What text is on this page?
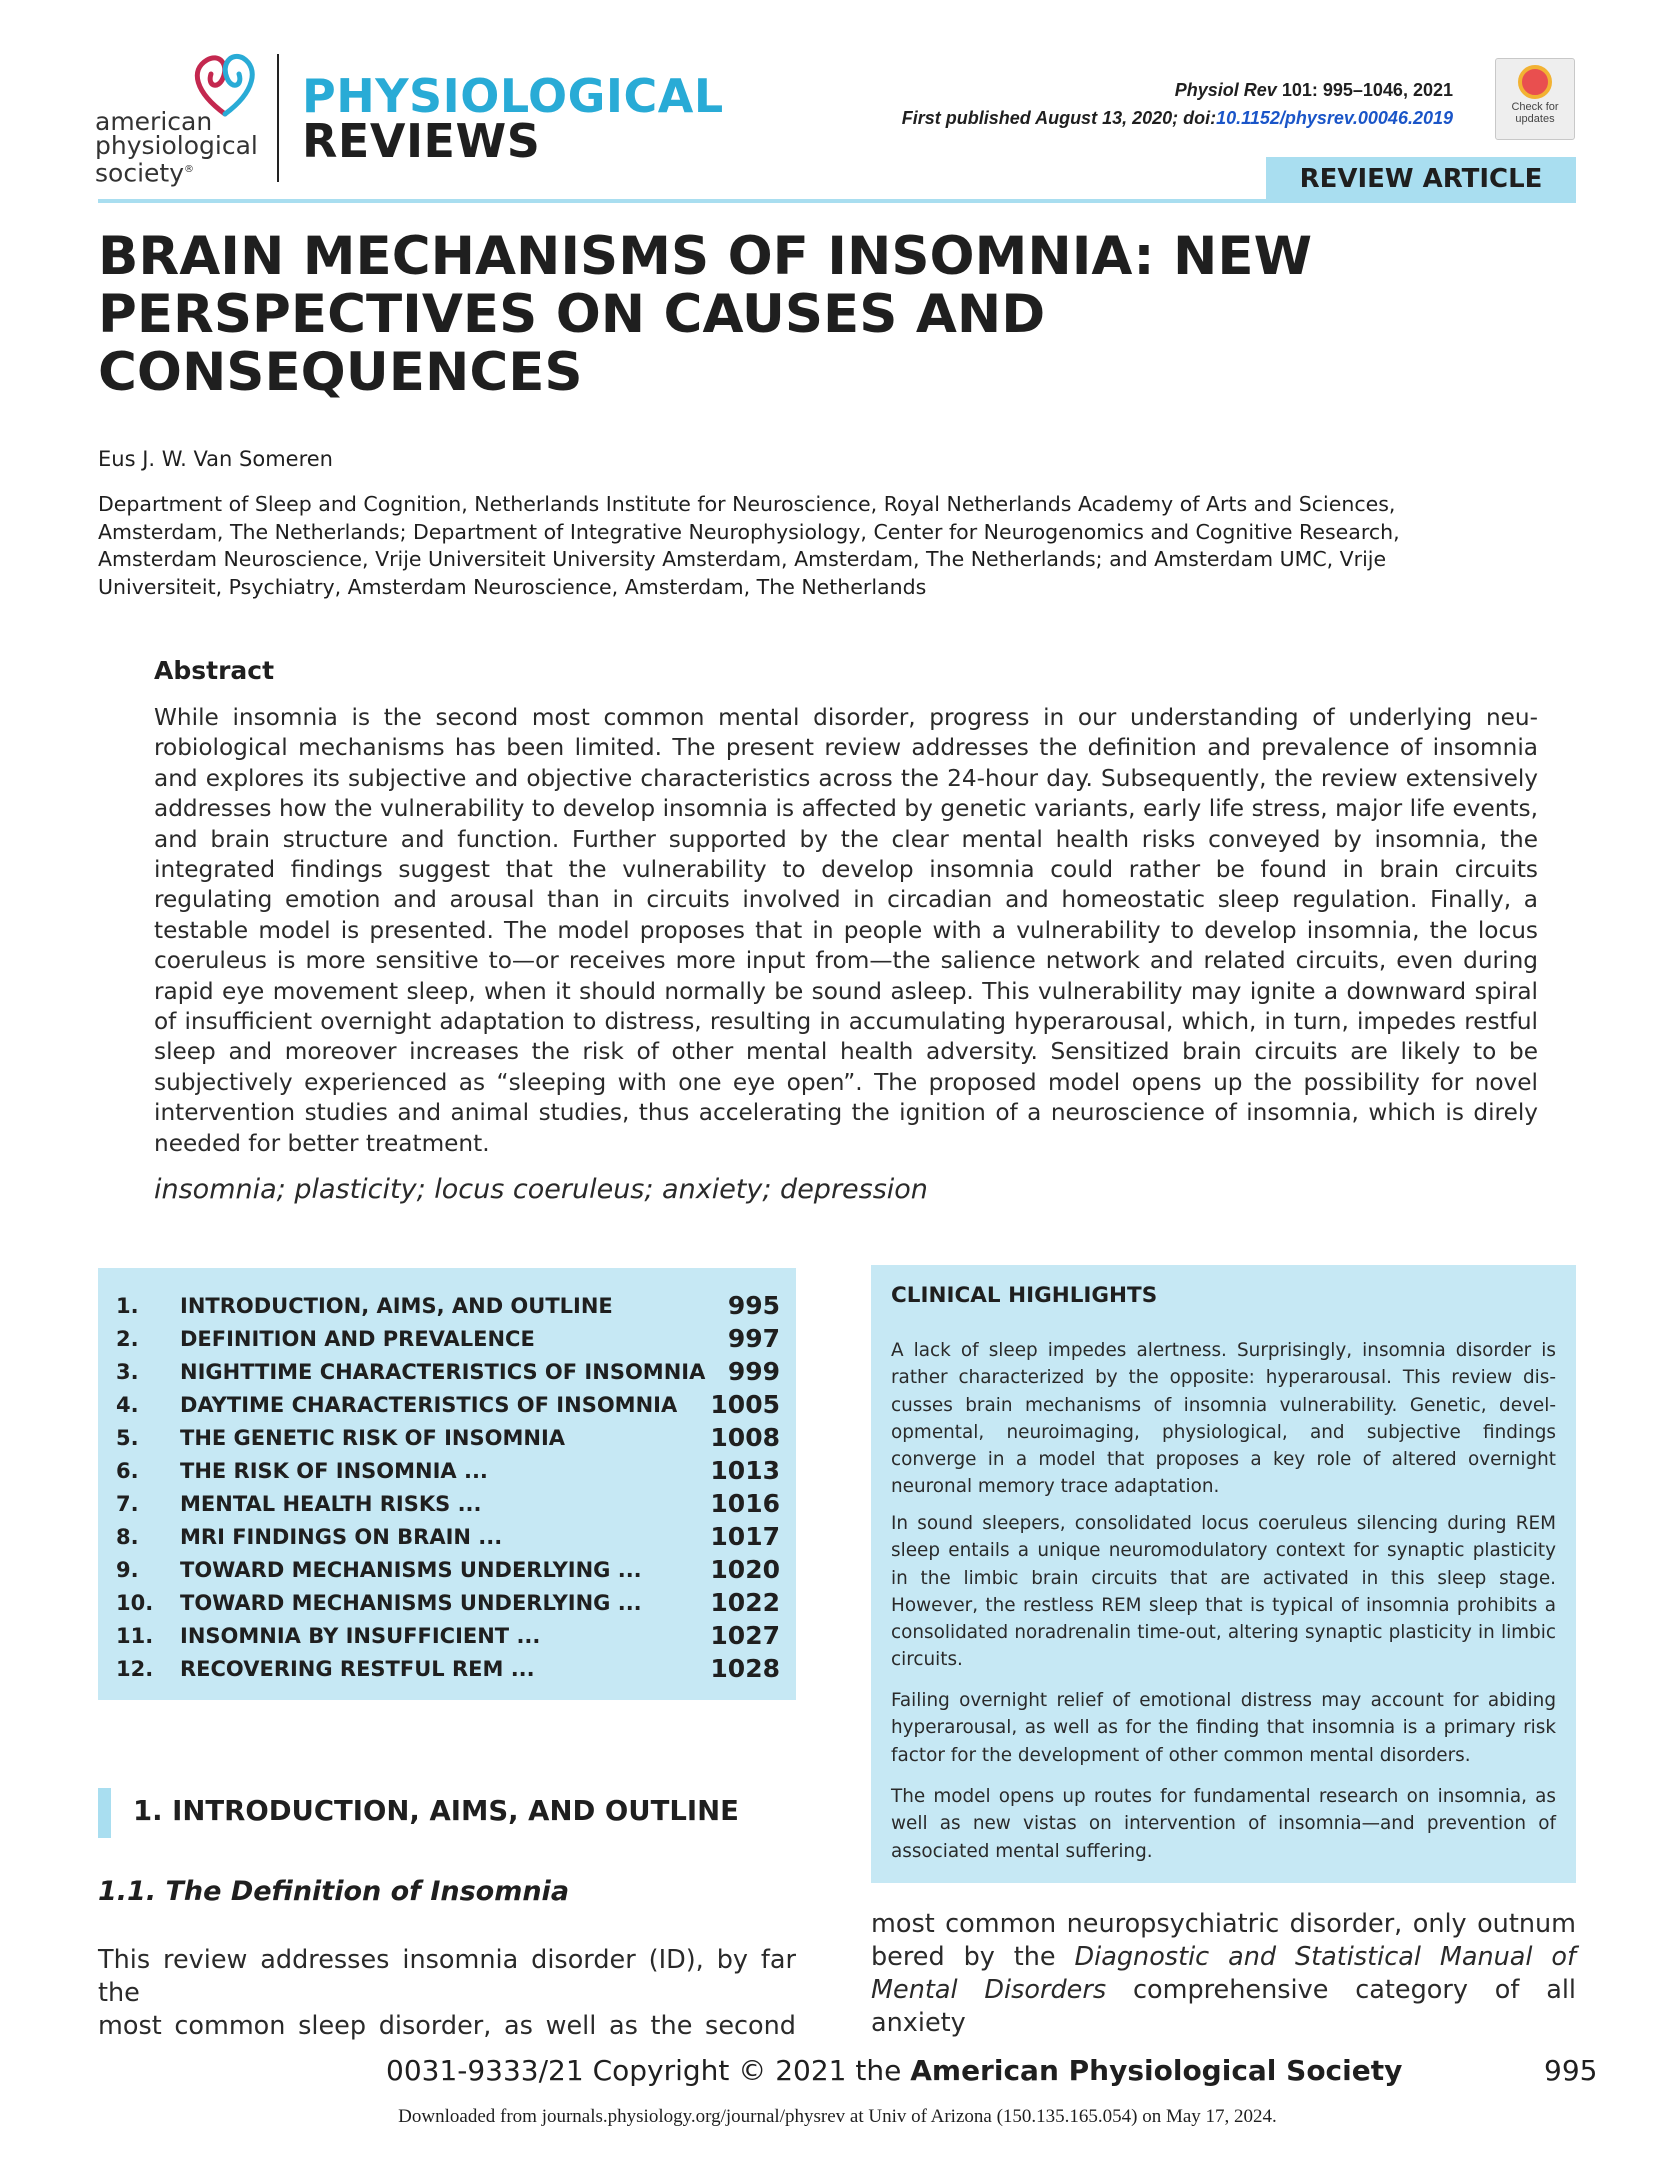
american
physiological
society®
PHYSIOLOGICAL
REVIEWS
Physiol Rev 101: 995–1046, 2021
First published August 13, 2020; doi:10.1152/physrev.00046.2019
Check for
updates
REVIEW ARTICLE
BRAIN MECHANISMS OF INSOMNIA: NEW
PERSPECTIVES ON CAUSES AND
CONSEQUENCES
Eus J. W. Van Someren
Department of Sleep and Cognition, Netherlands Institute for Neuroscience, Royal Netherlands Academy of Arts and Sciences,
Amsterdam, The Netherlands; Department of Integrative Neurophysiology, Center for Neurogenomics and Cognitive Research,
Amsterdam Neuroscience, Vrije Universiteit University Amsterdam, Amsterdam, The Netherlands; and Amsterdam UMC, Vrije
Universiteit, Psychiatry, Amsterdam Neuroscience, Amsterdam, The Netherlands
Abstract
While insomnia is the second most common mental disorder, progress in our understanding of underlying neurobiological mechanisms has been limited. The present review addresses the definition and prevalence of insomnia and explores its subjective and objective characteristics across the 24-hour day. Subsequently, the review extensively addresses how the vulnerability to develop insomnia is affected by genetic variants, early life stress, major life events, and brain structure and function. Further supported by the clear mental health risks conveyed by insomnia, the integrated findings suggest that the vulnerability to develop insomnia could rather be found in brain circuits regulating emotion and arousal than in circuits involved in circadian and homeostatic sleep regulation. Finally, a testable model is presented. The model proposes that in people with a vulnerability to develop insomnia, the locus coeruleus is more sensitive to—or receives more input from—the salience network and related circuits, even during rapid eye movement sleep, when it should normally be sound asleep. This vulnerability may ignite a downward spiral of insufficient overnight adaptation to distress, resulting in accumulating hyperarousal, which, in turn, impedes restful sleep and moreover increases the risk of other mental health adversity. Sensitized brain circuits are likely to be subjectively experienced as “sleeping with one eye open”. The proposed model opens up the possibility for novel intervention studies and animal studies, thus accelerating the ignition of a neuroscience of insomnia, which is direly needed for better treatment.
insomnia; plasticity; locus coeruleus; anxiety; depression
1. INTRODUCTION, AIMS, AND OUTLINE	995
2. DEFINITION AND PREVALENCE	997
3. NIGHTTIME CHARACTERISTICS OF INSOMNIA 999
4. DAYTIME CHARACTERISTICS OF INSOMNIA 1005
5. THE GENETIC RISK OF INSOMNIA	1008
6. THE RISK OF INSOMNIA ...	1013
7. MENTAL HEALTH RISKS ...	1016
8. MRI FINDINGS ON BRAIN ...	1017
9. TOWARD MECHANISMS UNDERLYING ...	1020
10. TOWARD MECHANISMS UNDERLYING ...	1022
11. INSOMNIA BY INSUFFICIENT ...	1027
12. RECOVERING RESTFUL REM ...	1028
CLINICAL HIGHLIGHTS
A lack of sleep impedes alertness. Surprisingly, insomnia disorder is rather characterized by the opposite: hyperarousal. This review discusses brain mechanisms of insomnia vulnerability. Genetic, developmental, neuroimaging, physiological, and subjective findings converge in a model that proposes a key role of altered overnight neuronal memory trace adaptation.
In sound sleepers, consolidated locus coeruleus silencing during REM sleep entails a unique neuromodulatory context for synaptic plasticity in the limbic brain circuits that are activated in this sleep stage. However, the restless REM sleep that is typical of insomnia prohibits a consolidated noradrenalin time-out, altering synaptic plasticity in limbic circuits.
Failing overnight relief of emotional distress may account for abiding hyperarousal, as well as for the finding that insomnia is a primary risk factor for the development of other common mental disorders.
The model opens up routes for fundamental research on insomnia, as well as new vistas on intervention of insomnia—and prevention of associated mental suffering.
1. INTRODUCTION, AIMS, AND OUTLINE
1.1. The Definition of Insomnia
This review addresses insomnia disorder (ID), by far the
most common sleep disorder, as well as the second
most common neuropsychiatric disorder, only outnum
bered by the Diagnostic and Statistical Manual of
Mental Disorders comprehensive category of all anxiety
0031-9333/21 Copyright © 2021 the American Physiological Society	995
Downloaded from journals.physiology.org/journal/physrev at Univ of Arizona (150.135.165.054) on May 17, 2024.
